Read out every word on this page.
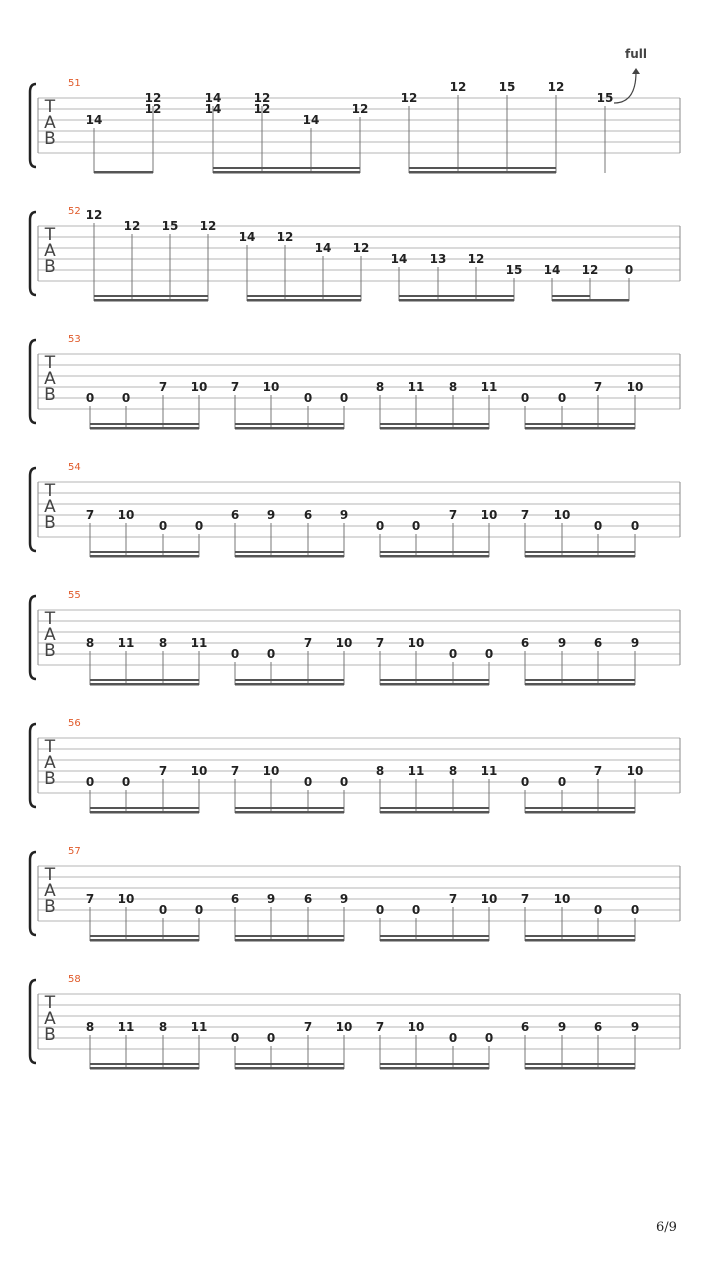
T
A
B
51
14
12
12
14
14
12
12
14
12
12
12	15	12
15
full
T
A
B
52 12
12 15 12
14 12
14 12
14 13 12
15 14 12 0
T
A
B
53
0 0
7 10 7 10
0 0
8 11 8 11
0 0
7 10
T
A
B
54
7 10
0 0
6 9 6 9
0 0
7 10 7 10
0 0
T
A
B
55
8 11 8 11
0 0
7 10 7 10
0 0
6 9 6 9
T
A
B
56
0 0
7 10 7 10
0 0
8 11 8 11
0 0
7 10
T
A
B
57
7 10
0 0
6 9 6 9
0 0
7 10 7 10
0 0
T
A
B
58
8 11 8 11
0 0
7 10 7 10
0 0
6 9 6 9
6/9
